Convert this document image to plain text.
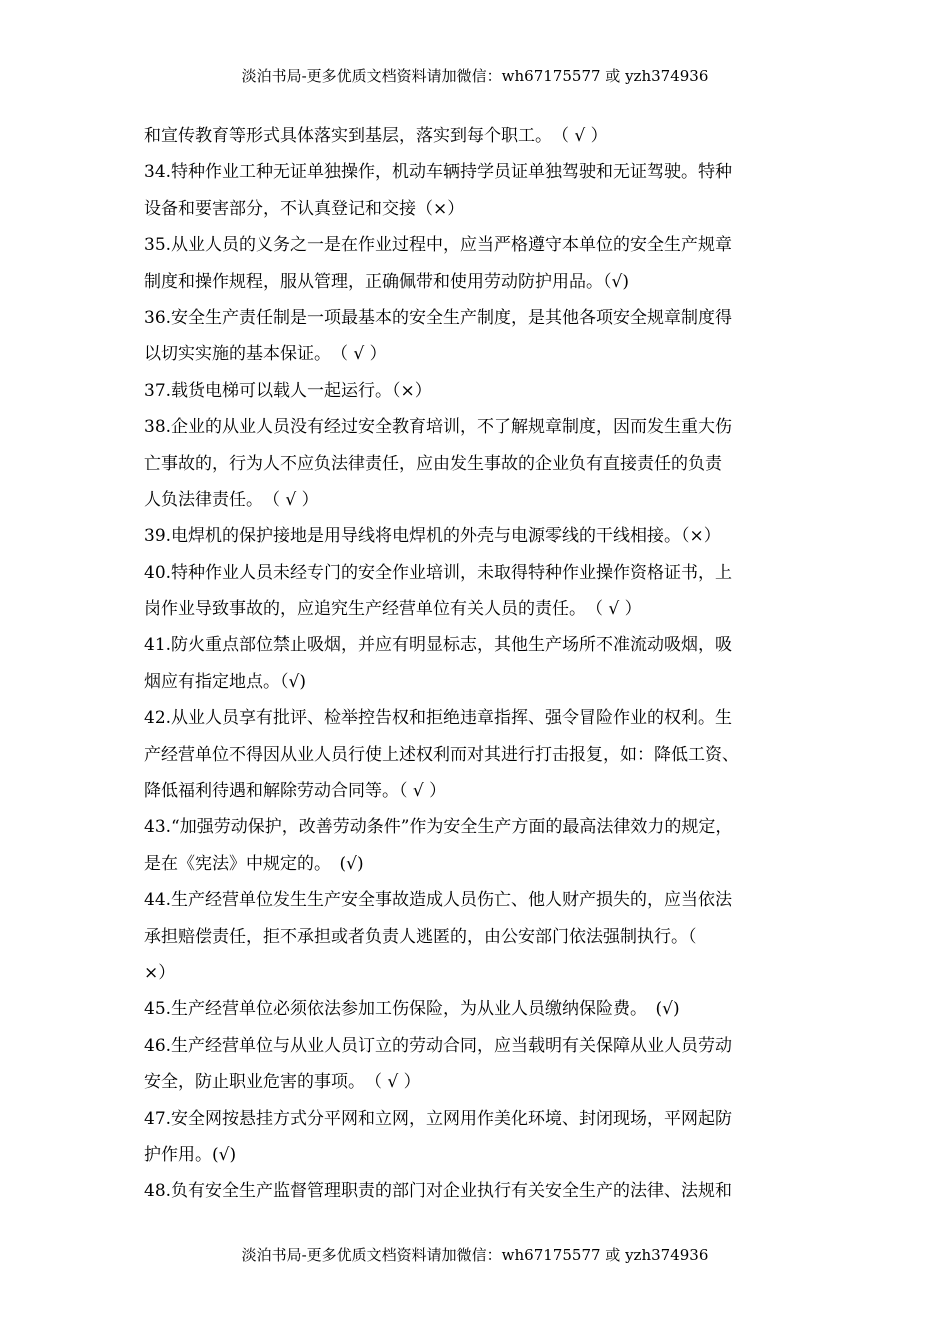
淡泊书局-更多优质文档资料请加微信：wh67175577 或 yzh374936
和宣传教育等形式具体落实到基层，落实到每个职工。　（ √ ）
34.特种作业工种无证单独操作，机动车辆持学员证单独驾驶和无证驾驶。特种
设备和要害部分，不认真登记和交接（×）
35.从业人员的义务之一是在作业过程中，应当严格遵守本单位的安全生产规章
制度和操作规程，服从管理，正确佩带和使用劳动防护用品。（√)
36.安全生产责任制是一项最基本的安全生产制度，是其他各项安全规章制度得
以切实实施的基本保证。　（ √ ）
37.载货电梯可以载人一起运行。（×）
38.企业的从业人员没有经过安全教育培训，不了解规章制度，因而发生重大伤
亡事故的，行为人不应负法律责任，应由发生事故的企业负有直接责任的负责
人负法律责任。　（ √ ）
39.电焊机的保护接地是用导线将电焊机的外壳与电源零线的干线相接。（×）
40.特种作业人员未经专门的安全作业培训，未取得特种作业操作资格证书，上
岗作业导致事故的，应追究生产经营单位有关人员的责任。　（ √ ）
41.防火重点部位禁止吸烟，并应有明显标志，其他生产场所不准流动吸烟，吸
烟应有指定地点。（√)
42.从业人员享有批评、检举控告权和拒绝违章指挥、强令冒险作业的权利。生
产经营单位不得因从业人员行使上述权利而对其进行打击报复，如：降低工资、
降低福利待遇和解除劳动合同等。（ √ ）
43.“加强劳动保护，改善劳动条件”作为安全生产方面的最高法律效力的规定，
是在《宪法》中规定的。　(√)
44.生产经营单位发生生产安全事故造成人员伤亡、他人财产损失的，应当依法
承担赔偿责任，拒不承担或者负责人逃匿的，由公安部门依法强制执行。（
×）
45.生产经营单位必须依法参加工伤保险，为从业人员缴纳保险费。　(√)
46.生产经营单位与从业人员订立的劳动合同，应当载明有关保障从业人员劳动
安全，防止职业危害的事项。　（ √ ）
47.安全网按悬挂方式分平网和立网，立网用作美化环境、封闭现场，平网起防
护作用。(√)
48.负有安全生产监督管理职责的部门对企业执行有关安全生产的法律、法规和
淡泊书局-更多优质文档资料请加微信：wh67175577 或 yzh374936
